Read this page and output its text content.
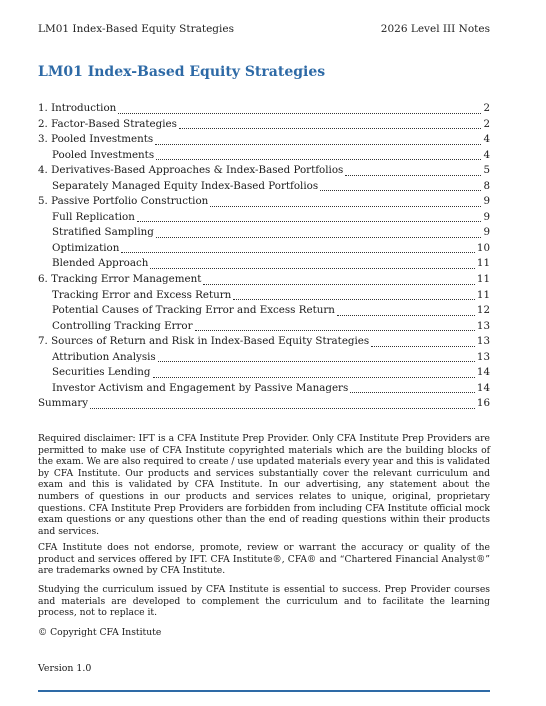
LM01 Index-Based Equity Strategies	2026 Level III Notes
LM01 Index-Based Equity Strategies
1. Introduction	2
2. Factor-Based Strategies	2
3. Pooled Investments	4
Pooled Investments	4
4. Derivatives-Based Approaches & Index-Based Portfolios	5
Separately Managed Equity Index-Based Portfolios	8
5. Passive Portfolio Construction	9
Full Replication	9
Stratified Sampling	9
Optimization	10
Blended Approach	11
6. Tracking Error Management	11
Tracking Error and Excess Return	11
Potential Causes of Tracking Error and Excess Return	12
Controlling Tracking Error	13
7. Sources of Return and Risk in Index-Based Equity Strategies	13
Attribution Analysis	13
Securities Lending	14
Investor Activism and Engagement by Passive Managers	14
Summary	16

Required disclaimer: IFT is a CFA Institute Prep Provider. Only CFA Institute Prep Providers are permitted to make use of CFA Institute copyrighted materials which are the building blocks of the exam. We are also required to create / use updated materials every year and this is validated by CFA Institute. Our products and services substantially cover the relevant curriculum and exam and this is validated by CFA Institute. In our advertising, any statement about the numbers of questions in our products and services relates to unique, original, proprietary questions. CFA Institute Prep Providers are forbidden from including CFA Institute official mock exam questions or any questions other than the end of reading questions within their products and services.

CFA Institute does not endorse, promote, review or warrant the accuracy or quality of the product and services offered by IFT. CFA Institute®, CFA® and “Chartered Financial Analyst®” are trademarks owned by CFA Institute.

Studying the curriculum issued by CFA Institute is essential to success. Prep Provider courses and materials are developed to complement the curriculum and to facilitate the learning process, not to replace it.

© Copyright CFA Institute

Version 1.0
